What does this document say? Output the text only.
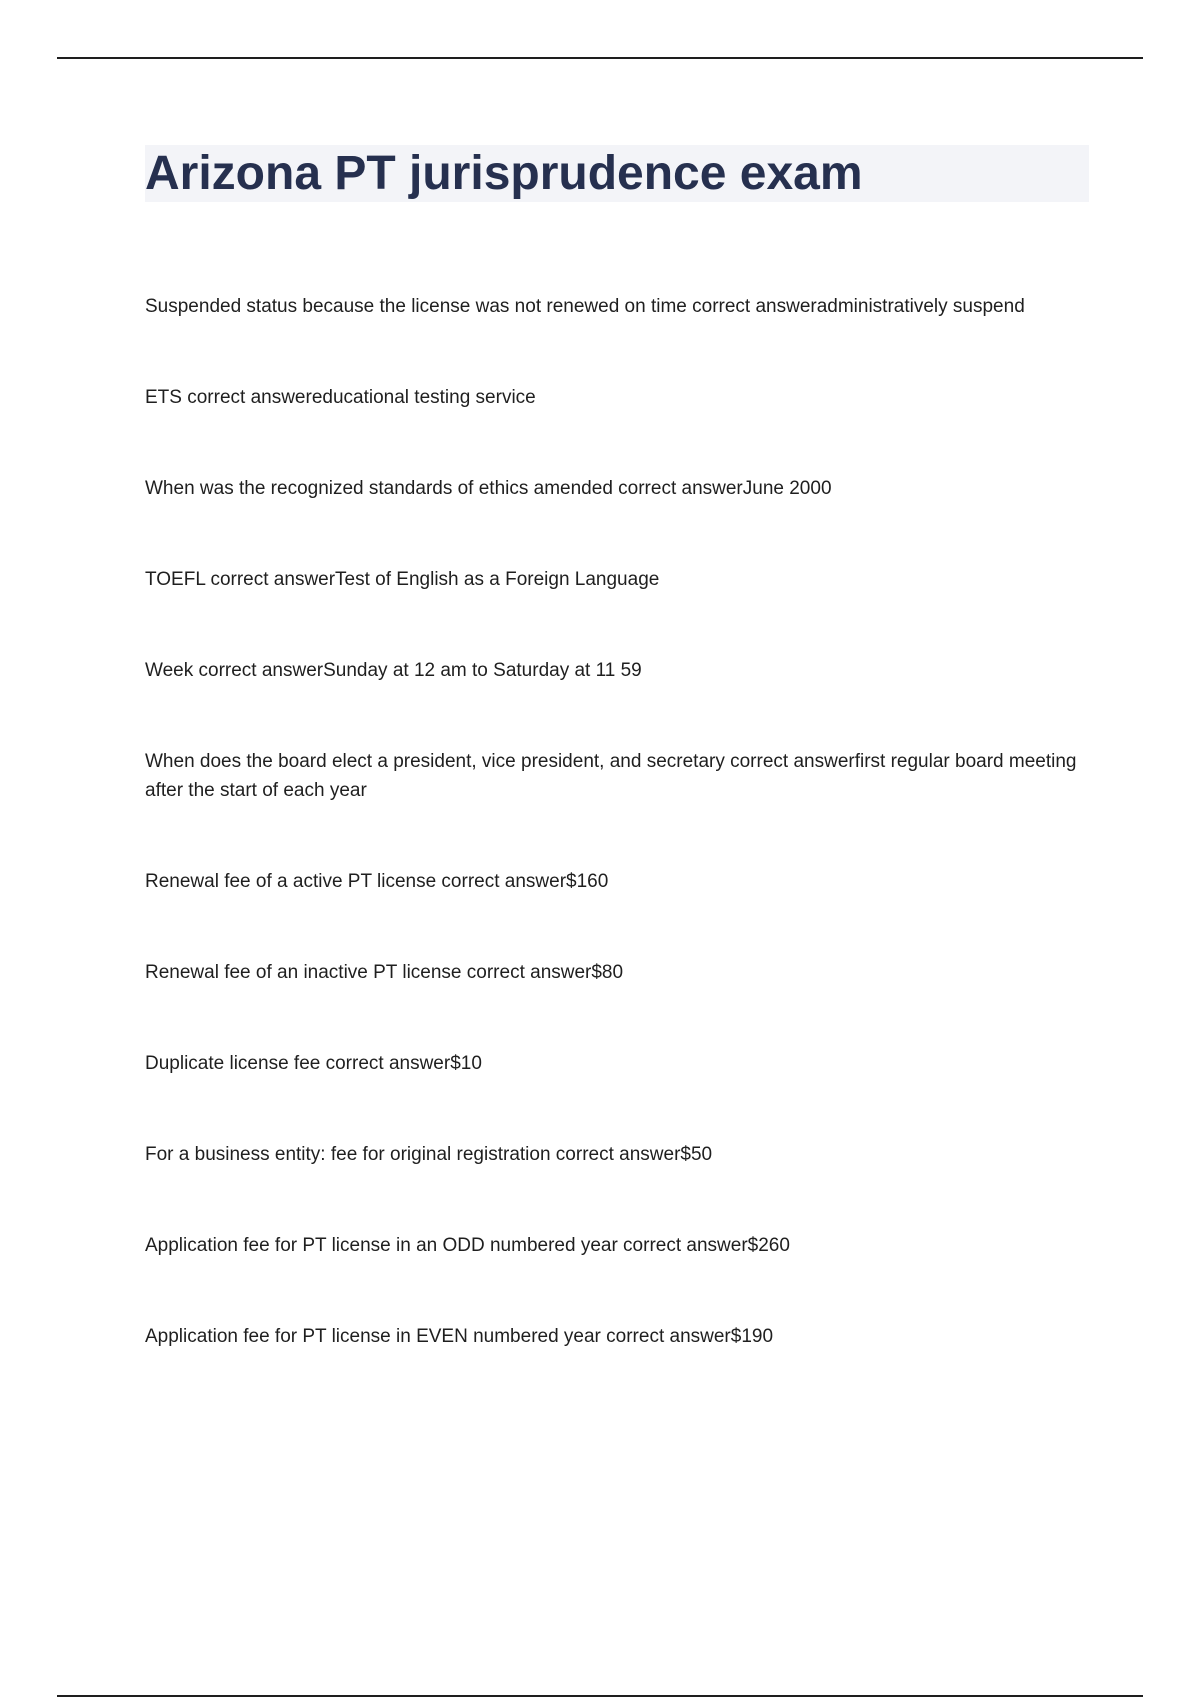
Arizona PT jurisprudence exam
Suspended status because the license was not renewed on time correct answeradministratively suspend
ETS correct answereducational testing service
When was the recognized standards of ethics amended correct answerJune 2000
TOEFL correct answerTest of English as a Foreign Language
Week correct answerSunday at 12 am to Saturday at 11 59
When does the board elect a president, vice president, and secretary correct answerfirst regular board meeting after the start of each year
Renewal fee of a active PT license correct answer$160
Renewal fee of an inactive PT license correct answer$80
Duplicate license fee correct answer$10
For a business entity: fee for original registration correct answer$50
Application fee for PT license in an ODD numbered year correct answer$260
Application fee for PT license in EVEN numbered year correct answer$190
